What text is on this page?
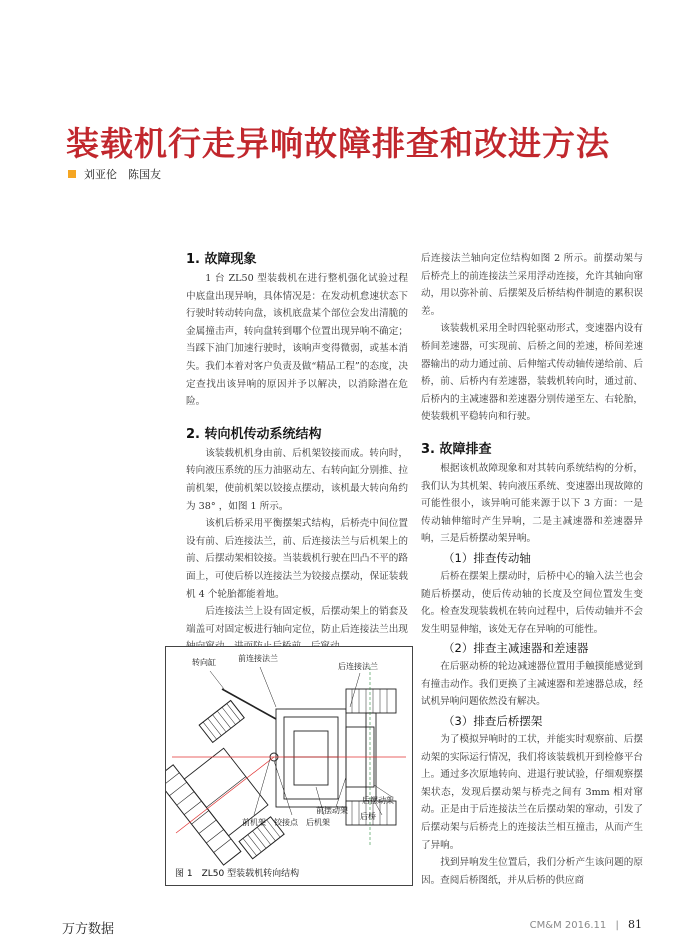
装载机行走异响故障排查和改进方法
刘亚伦　陈国友
1. 故障现象

1 台 ZL50 型装载机在进行整机强化试验过程中底盘出现异响，具体情况是：在发动机怠速状态下行驶时转动转向盘，该机底盘某个部位会发出清脆的金属撞击声，转向盘转到哪个位置出现异响不确定；当踩下油门加速行驶时，该响声变得微弱，或基本消失。我们本着对客户负责及做“精品工程”的态度，决定查找出该异响的原因并予以解决，以消除潜在危险。

2. 转向机传动系统结构

该装载机机身由前、后机架铰接而成。转向时，转向液压系统的压力油驱动左、右转向缸分别推、拉前机架，使前机架以铰接点摆动，该机最大转向角约为 38° ，如图 1 所示。

该机后桥采用平衡摆架式结构，后桥壳中间位置设有前、后连接法兰，前、后连接法兰与后机架上的前、后摆动架相铰接。当装载机行驶在凹凸不平的路面上，可使后桥以连接法兰为铰接点摆动，保证装载机 4 个轮胎都能着地。

后连接法兰上设有固定板，后摆动架上的销套及端盖可对固定板进行轴向定位，防止后连接法兰出现

转向缸	前连接法兰
后连接法兰
后摆动架
前摆动架
后桥
前机架 铰接点 后机架
图 1　ZL50 型装载机转向结构

后连接法兰轴向定位结构如图 2 所示。前摆动架与后桥壳上的前连接法兰采用浮动连接，允许其轴向窜动，用以弥补前、后摆架及后桥结构件制造的累积误差。

该装载机采用全时四轮驱动形式，变速器内设有桥间差速器，可实现前、后桥之间的差速，桥间差速器输出的动力通过前、后伸缩式传动轴传递给前、后桥，前、后桥内有差速器，装载机转向时，通过前、后桥内的主减速器和差速器分别传递至左、右轮胎，使装载机平稳转向和行驶。

3. 故障排查

根据该机故障现象和对其转向系统结构的分析，我们认为其机架、转向液压系统、变速器出现故障的可能性很小，该异响可能来源于以下 3 方面：一是传动轴伸缩时产生异响，二是主减速器和差速器异响，三是后桥摆动架异响。

（1）排查传动轴

后桥在摆架上摆动时，后桥中心的输入法兰也会随后桥摆动，使后传动轴的长度及空间位置发生变化。检查发现装载机在转向过程中，后传动轴并不会发生明显伸缩，该处无存在异响的可能性。

（2）排查主减速器和差速器

在后驱动桥的轮边减速器位置用手触摸能感觉到有撞击动作。我们更换了主减速器和差速器总成，经试机异响问题依然没有解决。

（3）排查后桥摆架

为了模拟异响时的工状，并能实时观察前、后摆动架的实际运行情况，我们将该装载机开到检修平台上。通过多次原地转向、进退行驶试验，仔细观察摆架状态，发现后摆动架与桥壳之间有 3mm 相对窜动。正是由于后连接法兰在后摆动架的窜动，引发了后摆动架与后桥壳上的连接法兰相互撞击，从而产生了异响。

找到异响发生位置后，我们分析产生该问题的原因。查阅后桥图纸，并从后桥的供应商

万方数据	CM&M 2016.11 | 81
